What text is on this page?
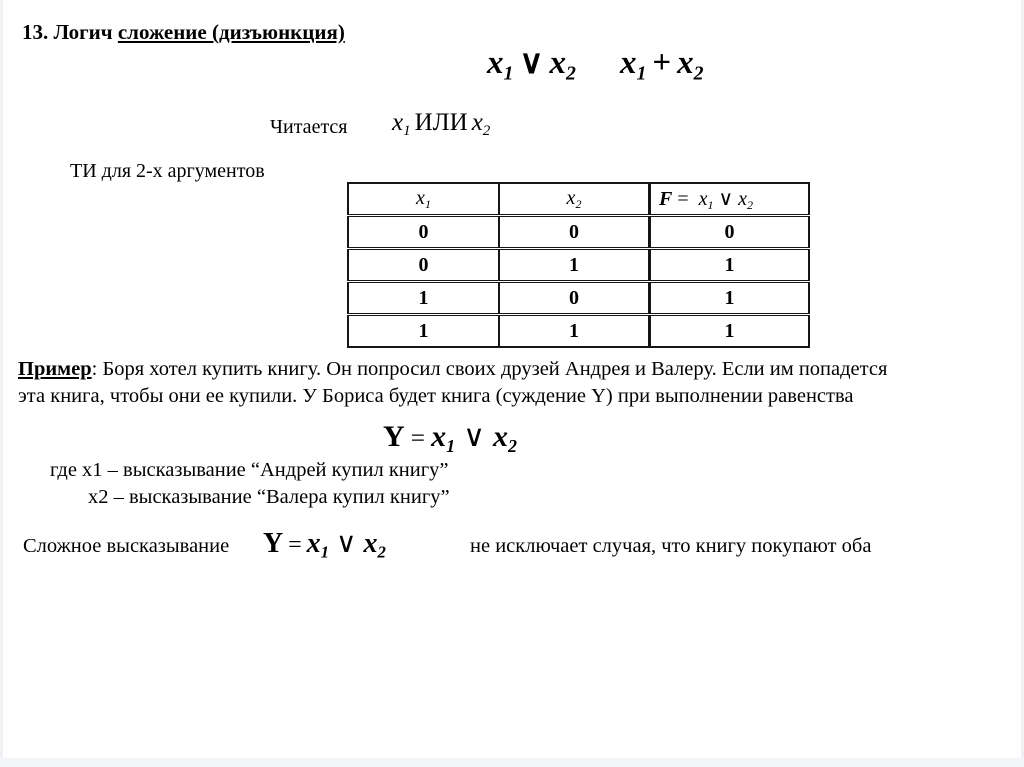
13. Логич сложение (дизъюнкция)
x1 ∨ x2 x1 + x2
Читается $x_1$ ИЛИ $x_2$
ТИ для 2-х аргументов
$x_1$	$x_2$	$F = x_1$ ∨ $x_2$
0	0	0
0	1	1
1	0	1
1	1	1
Пример: Боря хотел купить книгу. Он попросил своих друзей Андрея и Валеру. Если им попадется
эта книга, чтобы они ее купили. У Бориса будет книга (суждение Y) при выполнении равенства
Y = x1 ∨ x2
где x1 – высказывание “Андрей купил книгу”
x2 – высказывание “Валера купил книгу”
Сложное высказывание Y = x1 ∨ x2	не исключает случая, что книгу покупают оба
